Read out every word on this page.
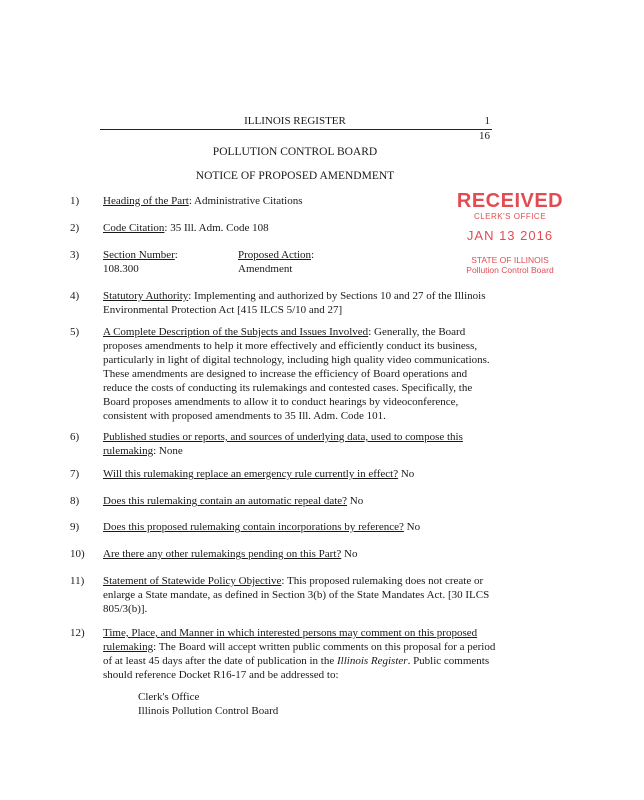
ILLINOIS REGISTER	1
16
POLLUTION CONTROL BOARD
NOTICE OF PROPOSED AMENDMENT
RECEIVED
CLERK'S OFFICE
JAN 13 2016
STATE OF ILLINOIS
Pollution Control Board
1)	Heading of the Part: Administrative Citations
2)	Code Citation: 35 Ill. Adm. Code 108
3)	Section Number:
108.300
Proposed Action:
Amendment
4)	Statutory Authority: Implementing and authorized by Sections 10 and 27 of the Illinois Environmental Protection Act [415 ILCS 5/10 and 27]
5)	A Complete Description of the Subjects and Issues Involved: Generally, the Board proposes amendments to help it more effectively and efficiently conduct its business, particularly in light of digital technology, including high quality video communications. These amendments are designed to increase the efficiency of Board operations and reduce the costs of conducting its rulemakings and contested cases. Specifically, the Board proposes amendments to allow it to conduct hearings by videoconference, consistent with proposed amendments to 35 Ill. Adm. Code 101.
6)	Published studies or reports, and sources of underlying data, used to compose this rulemaking: None
7)	Will this rulemaking replace an emergency rule currently in effect? No
8)	Does this rulemaking contain an automatic repeal date? No
9)	Does this proposed rulemaking contain incorporations by reference? No
10)	Are there any other rulemakings pending on this Part? No
11)	Statement of Statewide Policy Objective: This proposed rulemaking does not create or enlarge a State mandate, as defined in Section 3(b) of the State Mandates Act. [30 ILCS 805/3(b)].
12)	Time, Place, and Manner in which interested persons may comment on this proposed rulemaking: The Board will accept written public comments on this proposal for a period of at least 45 days after the date of publication in the Illinois Register. Public comments should reference Docket R16-17 and be addressed to:
Clerk's Office
Illinois Pollution Control Board
